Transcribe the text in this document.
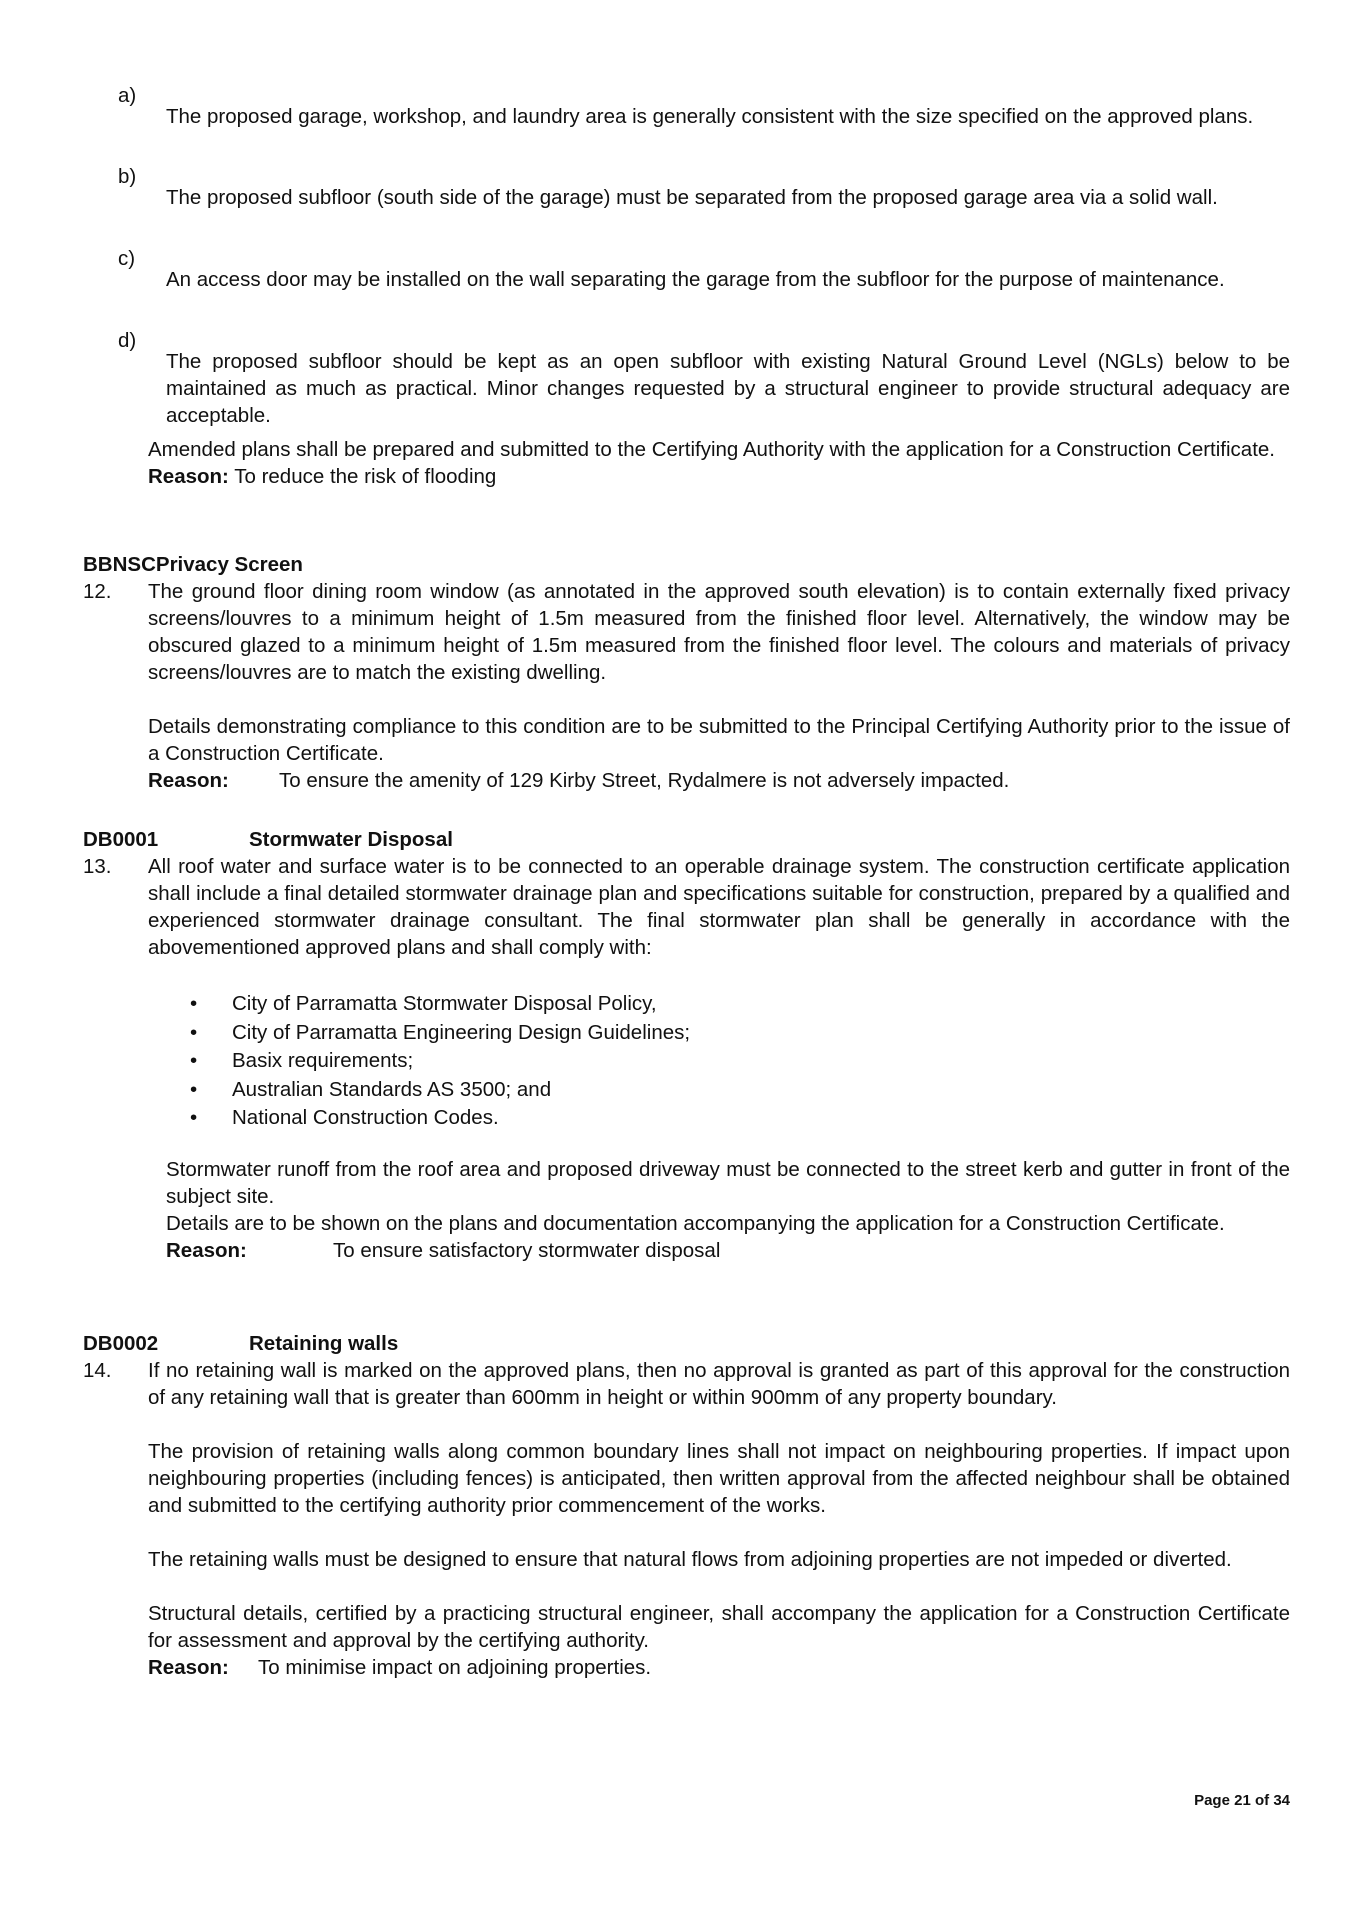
a)

The proposed garage, workshop, and laundry area is generally consistent with the size specified on the approved plans.

b)

The proposed subfloor (south side of the garage) must be separated from the proposed garage area via a solid wall.

c)

An access door may be installed on the wall separating the garage from the subfloor for the purpose of maintenance.

d)

The proposed subfloor should be kept as an open subfloor with existing Natural Ground Level (NGLs) below to be maintained as much as practical. Minor changes requested by a structural engineer to provide structural adequacy are acceptable.

Amended plans shall be prepared and submitted to the Certifying Authority with the application for a Construction Certificate.

Reason: To reduce the risk of flooding

BBNSCPrivacy Screen
12. The ground floor dining room window (as annotated in the approved south elevation) is to contain externally fixed privacy screens/louvres to a minimum height of 1.5m measured from the finished floor level. Alternatively, the window may be obscured glazed to a minimum height of 1.5m measured from the finished floor level. The colours and materials of privacy screens/louvres are to match the existing dwelling.

Details demonstrating compliance to this condition are to be submitted to the Principal Certifying Authority prior to the issue of a Construction Certificate.

Reason: To ensure the amenity of 129 Kirby Street, Rydalmere is not adversely impacted.

DB0001	Stormwater Disposal
13. All roof water and surface water is to be connected to an operable drainage system. The construction certificate application shall include a final detailed stormwater drainage plan and specifications suitable for construction, prepared by a qualified and experienced stormwater drainage consultant. The final stormwater plan shall be generally in accordance with the abovementioned approved plans and shall comply with:

• City of Parramatta Stormwater Disposal Policy,
• City of Parramatta Engineering Design Guidelines;
• Basix requirements;
• Australian Standards AS 3500; and
• National Construction Codes.

Stormwater runoff from the roof area and proposed driveway must be connected to the street kerb and gutter in front of the subject site.

Details are to be shown on the plans and documentation accompanying the application for a Construction Certificate.

Reason:	To ensure satisfactory stormwater disposal

DB0002	Retaining walls
14. If no retaining wall is marked on the approved plans, then no approval is granted as part of this approval for the construction of any retaining wall that is greater than 600mm in height or within 900mm of any property boundary.

The provision of retaining walls along common boundary lines shall not impact on neighbouring properties. If impact upon neighbouring properties (including fences) is anticipated, then written approval from the affected neighbour shall be obtained and submitted to the certifying authority prior commencement of the works.

The retaining walls must be designed to ensure that natural flows from adjoining properties are not impeded or diverted.

Structural details, certified by a practicing structural engineer, shall accompany the application for a Construction Certificate for assessment and approval by the certifying authority.

Reason: To minimise impact on adjoining properties.

Page 21 of 34
